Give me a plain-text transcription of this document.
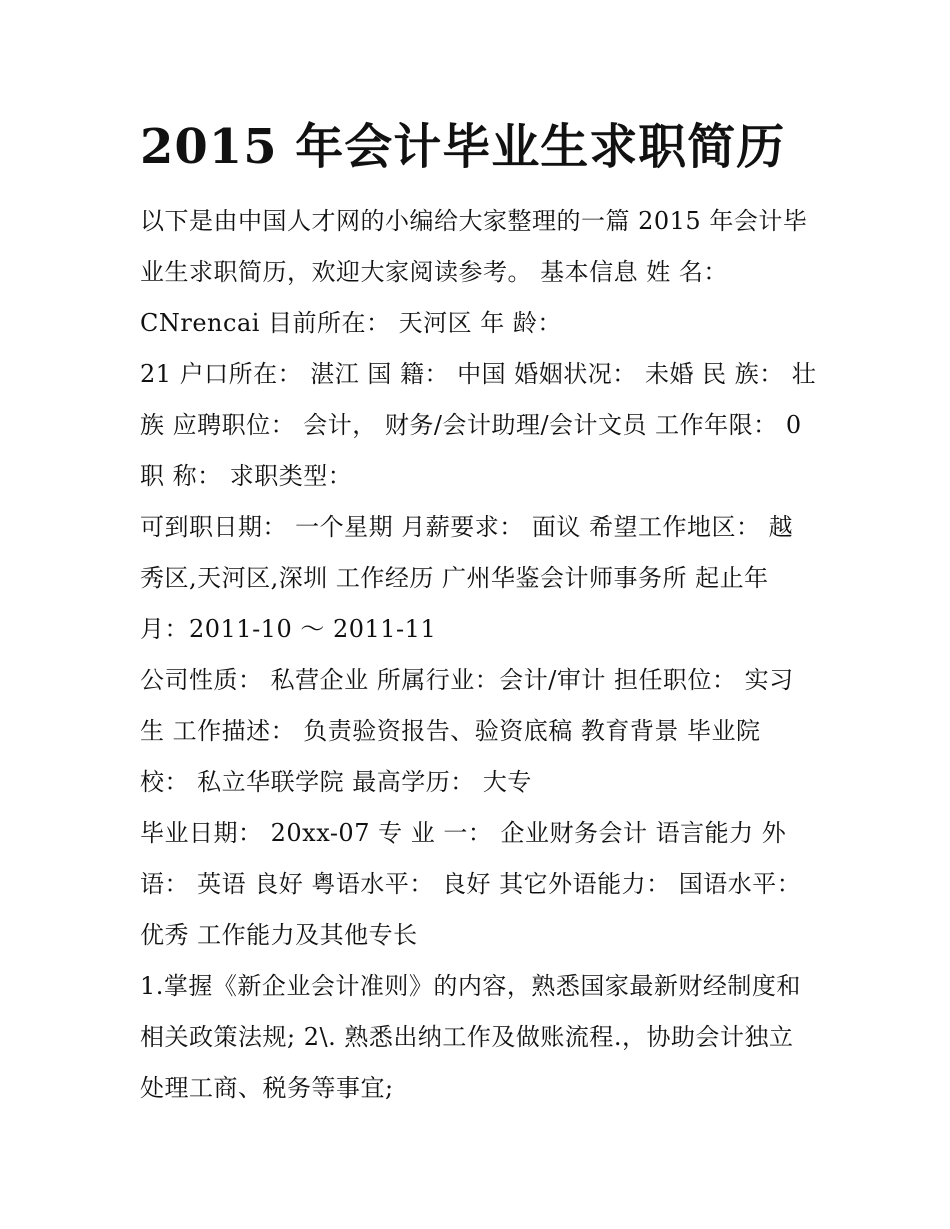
2015 年会计毕业生求职简历
以下是由中国人才网的小编给大家整理的一篇 2015 年会计毕
业生求职简历，欢迎大家阅读参考。 基本信息 姓 名：
CNrencai 目前所在： 天河区 年 龄：
21 户口所在： 湛江 国 籍： 中国 婚姻状况： 未婚 民 族： 壮
族 应聘职位： 会计， 财务/会计助理/会计文员 工作年限： 0
职 称： 求职类型：
可到职日期： 一个星期 月薪要求： 面议 希望工作地区： 越
秀区,天河区,深圳 工作经历 广州华鉴会计师事务所 起止年
月：2011-10 ～ 2011-11
公司性质： 私营企业 所属行业：会计/审计 担任职位： 实习
生 工作描述： 负责验资报告、验资底稿 教育背景 毕业院
校： 私立华联学院 最高学历： 大专
毕业日期： 20xx-07 专 业 一： 企业财务会计 语言能力 外
语： 英语 良好 粤语水平： 良好 其它外语能力： 国语水平：
优秀 工作能力及其他专长
1.掌握《新企业会计准则》的内容，熟悉国家最新财经制度和
相关政策法规; 2\. 熟悉出纳工作及做账流程.，协助会计独立
处理工商、税务等事宜;
